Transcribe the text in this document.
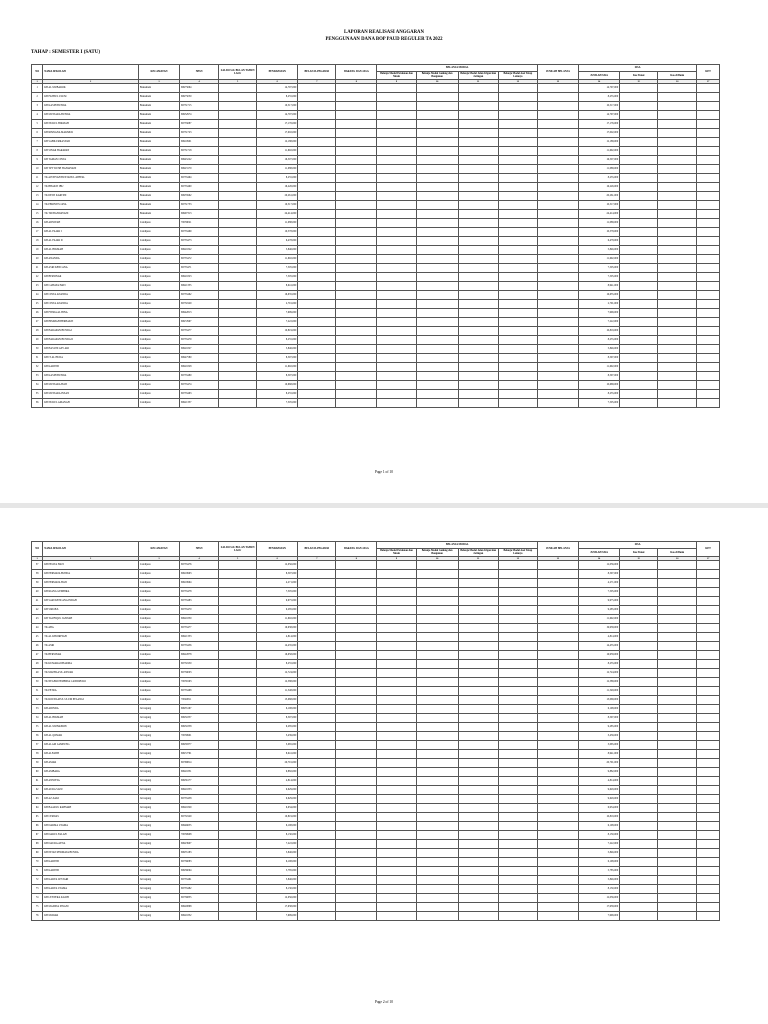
LAPORAN REALISASI ANGGARAN
PENGGUNAAN DANA BOP PAUD REGULER TA 2022
TAHAP : SEMESTER I (SATU)
NO	NAMA SEKOLAH	KECAMATAN	NPSN	SALDO S.D. BULAN TAHUN LALU	PENDAPATAN	BELANJA PEGAWAI	BARANG DAN JASA	BELANJA MODAL				JUMLAH BELANJA	SISA			KET
								Belanja Modal Peralatan dan Mesin	Belanja Modal Gedung dan Bangunan	Belanja Modal Jalan Irigasi dan Jaringan	Belanja Modal Aset Tetap Lainnya		JUMLAH SISA	Kas Tunai	Kas di Bank	
1	2	3	4	5	6	7	8	9	10	11	12	13	14	15	16	17
1	KB AL MUBAROK	Bakauheni	69975664		14,797,000								14,797,000			
2	KB FATHUL ULUM	Bakauheni	69975030		8,255,000								8,255,000			
3	KB KASIH BUNDA	Bakauheni	69731715		10,517,000								10,517,000			
4	KB MUTIARA BUNDA	Bakauheni	69932974		14,797,000								14,797,000			
5	KB NURUL HIKMAH	Bakauheni	69735687		17,176,000								17,176,000			
6	KB RIMSANA MAKMUR	Bakauheni	69731723		17,002,000								17,002,000			
7	KB SABILURRASYAD	Bakauheni	69910901		12,188,000								12,188,000			
8	KB SINAR HARAPAN	Bakauheni	69731718		11,692,000								11,692,000			
9	KB TAMAN CINTA	Bakauheni	69945222		16,507,000								16,507,000			
10	KB TPT WUSH HANIAYANI	Bakauheni	69923170		11,088,000								11,088,000			
11	TK AISYIYAH BUSTANUL ATHFAL	Bakauheni	69735494		8,255,000								8,255,000			
12	TK BHAKTI IBU	Bakauheni	69735490		16,226,000								16,226,000			
13	TK DEWI KARTINI	Bakauheni	69935962		20,261,000								20,261,000			
14	TK PERINTIS JAYA	Bakauheni	69731733		10,517,000								10,517,000			
15	TK TRI BANDAYANI	Bakauheni	69997313		24,414,000								24,414,000			
16	KB ADNIYAH	Candipuro	70058021		11,088,000								11,088,000			
17	KB AL FAJAR I	Candipuro	69735469		10,578,000								10,578,000			
18	KB AL FAJAR II	Candipuro	69735473		6,478,000								6,478,000			
19	KB AL HIKMAH	Candipuro	69921822		5,846,000								5,846,000			
20	KB ANANDA	Candipuro	69735472		11,692,000								11,692,000			
21	KB ASRI KENCANA	Candipuro	69735471		7,505,000								7,505,000			
22	KB BERSINAR	Candipuro	69921823		7,505,000								7,505,000			
23	KB CAHAYA HATI	Candipuro	69921335		8,941,000								8,941,000			
24	KB CINTA ANANDA	Candipuro	69735462		16,635,000								16,635,000			
25	KB CINTA ANANDA	Candipuro	69731929		2,791,000								2,791,000			
26	KB FITRIA AL BINA	Candipuro	69942813		7,999,000								7,999,000			
27	KB HIMMAH BERBAKTI	Candipuro	69972997		7,222,000								7,222,000			
28	KB HARAPAN BUNDA I	Candipuro	69735477		10,819,000								10,819,000			
29	KB HARAPAN BUNDA II	Candipuro	69735479		8,255,000								8,255,000			
30	KB HASUNI ASY ARI	Candipuro	69921827		5,846,000								5,846,000			
31	KB IT AL HUDA	Candipuro	69947580		8,597,000								8,597,000			
32	KB KARTINI	Candipuro	69921828		11,692,000								11,692,000			
33	KB KASIH BUNDA	Candipuro	69735480		8,597,000								8,597,000			
34	KB MUTIARA HATI	Candipuro	69735474		10,668,000								10,668,000			
35	KB MUTIARA INSAN	Candipuro	69735463		8,255,000								8,255,000			
36	KB NURUL AMANAH	Candipuro	69921337		7,505,000								7,505,000			
Page 1 of 10
NO	NAMA SEKOLAH	KECAMATAN	NPSN	SALDO S.D. BULAN TAHUN LALU	PENDAPATAN	BELANJA PEGAWAI	BARANG DAN JASA	BELANJA MODAL				JUMLAH BELANJA	SISA			KET
								Belanja Modal Peralatan dan Mesin	Belanja Modal Gedung dan Bangunan	Belanja Modal Jalan Irigasi dan Jaringan	Belanja Modal Aset Tetap Lainnya		JUMLAH SISA	Kas Tunai	Kas di Bank	
1	2	3	4	5	6	7	8	9	10	11	12	13	14	15	16	17
37	KB PELITA HATI	Candipuro	69735476		12,056,000								12,056,000			
38	KB PERMATA BUNDA	Candipuro	69919993		8,597,000								8,597,000			
39	KB PERMATA HATI	Candipuro	69919994		4,271,000								4,271,000			
40	KB RIANG GEMBIRA	Candipuro	69735478		7,505,000								7,505,000			
41	KB SARI KENCANA INDAH	Candipuro	69735483		9,975,000								9,975,000			
42	KB SIROJUL	Candipuro	69735470		9,285,000								9,285,000			
43	KB TAUFIQUL JANNAH	Candipuro	69921830		11,692,000								11,692,000			
44	TK ABA	Candipuro	69735477		19,938,000								19,938,000			
45	TK AL KHOIRIYAH	Candipuro	69921333		4,814,000								4,814,000			
46	TK ASRI	Candipuro	69735456		14,435,000								14,435,000			
47	TK BERSINAR	Candipuro	69922878		16,958,000								16,958,000			
48	TK KUMARA DHARMA	Candipuro	69731950		8,255,000								8,255,000			
49	TK MATHLA'UL ANWAR	Candipuro	69759003		12,724,000								12,724,000			
50	TK NEGERI PEMBINA CANDIPURO	Candipuro	70038193		12,588,000								12,588,000			
51	TK PETRA	Candipuro	69735468		11,548,000								11,548,000			
52	TK ROUDLATUL ULUM PELANGI	Candipuro	70040811		13,068,000								13,068,000			
53	KB ADINDA	Jati Agung	69935167		6,198,000								6,198,000			
54	KB AL HIKMAH	Jati Agung	69931857		8,597,000								8,597,000			
55	KB AL MUHAJIRIN	Jati Agung	69931858		9,285,000								9,285,000			
56	KB AL QOMAR	Jati Agung	70039901		3,439,000								3,439,000			
57	KB ALAM LAMPUNG	Jati Agung	69938377		3,065,000								3,065,000			
58	KB ALFATIH	Jati Agung	69972791		8,941,000								8,941,000			
59	KB AMAR	Jati Agung	69768814		20,791,000								20,791,000			
60	KB AMBARA	Jati Agung	69921831		9,882,000								9,882,000			
61	KB ANNISYA	Jati Agung	69936177		4,814,000								4,814,000			
62	KB AURA SATU	Jati Agung	69921833		9,629,000								9,629,000			
63	KB AZ-ZAKI	Jati Agung	69735458		9,629,000								9,629,000			
64	KB BAARUL RAHMAH	Jati Agung	69921829		6,934,000								6,934,000			
65	KB CERDAS	Jati Agung	69731929		10,819,000								10,819,000			
66	KB DARMA UTAMA	Jati Agung	69946655		6,198,000								6,198,000			
67	KB DARUL FALAH	Jati Agung	70039908		8,130,000								8,130,000			
68	KB DAURA AYNA	Jati Agung	69923907		7,222,000								7,222,000			
69	KB INTAN PERMATA BUNDA	Jati Agung	69935183		5,846,000								5,846,000			
70	KB KARTINI	Jati Agung	69736083		6,198,000								6,198,000			
71	KB KARTINI	Jati Agung	69936094		5,785,000								5,785,000			
72	KB KARYA LESTARI	Jati Agung	69735461		5,846,000								5,846,000			
73	KB KARYA UTAMA	Jati Agung	69735482		8,130,000								8,130,000			
74	KB LENTERA KASIH	Jati Agung	69736835		12,056,000								12,056,000			
75	KB MADINA INSANI	Jati Agung	69920868		17,938,000								17,938,000			
76	KB MAWAR	Jati Agung	69921832		7,999,000								7,999,000			
Page 2 of 10
